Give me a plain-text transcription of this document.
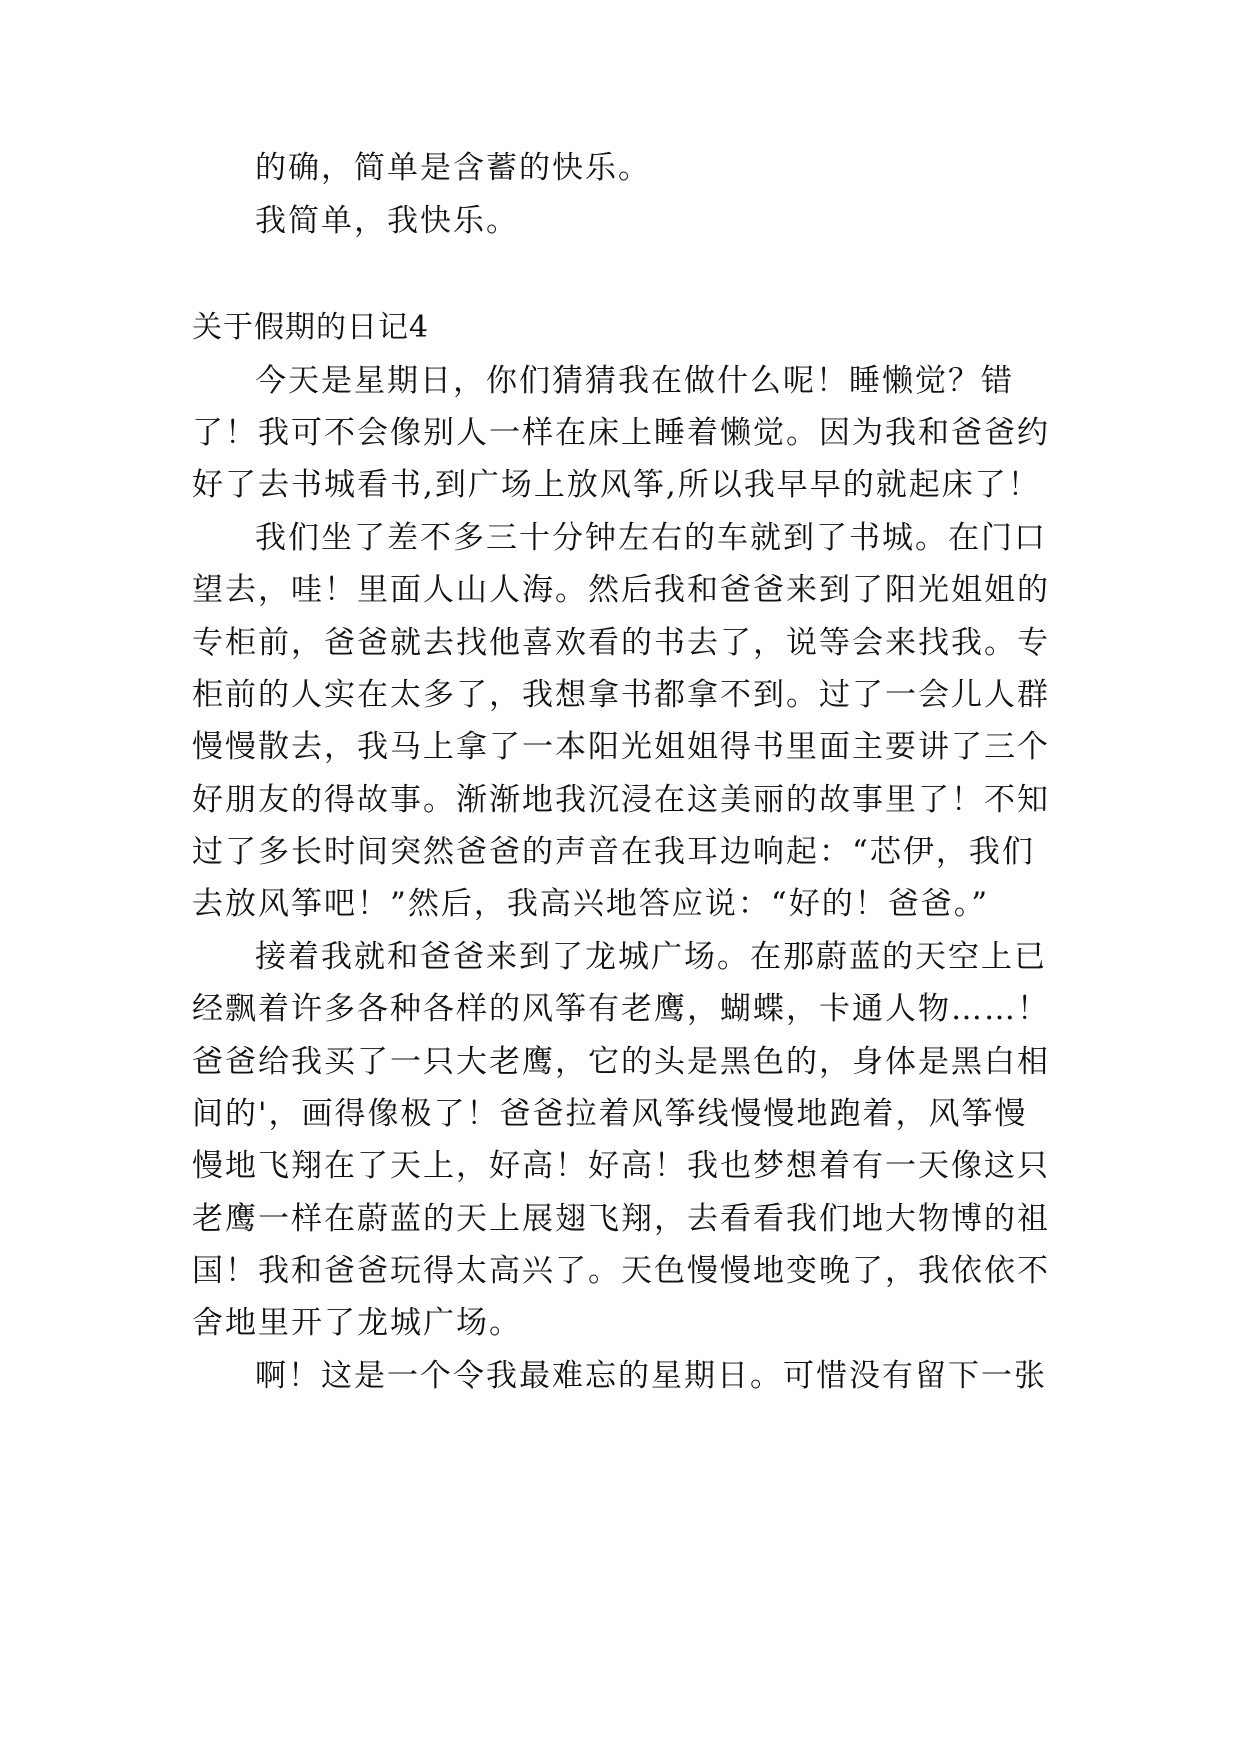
的确，简单是含蓄的快乐。
我简单，我快乐。
关于假期的日记4
今天是星期日，你们猜猜我在做什么呢！睡懒觉？错
了！我可不会像别人一样在床上睡着懒觉。因为我和爸爸约
好了去书城看书,到广场上放风筝,所以我早早的就起床了！
我们坐了差不多三十分钟左右的车就到了书城。在门口
望去，哇！里面人山人海。然后我和爸爸来到了阳光姐姐的
专柜前，爸爸就去找他喜欢看的书去了，说等会来找我。专
柜前的人实在太多了，我想拿书都拿不到。过了一会儿人群
慢慢散去，我马上拿了一本阳光姐姐得书里面主要讲了三个
好朋友的得故事。渐渐地我沉浸在这美丽的故事里了！不知
过了多长时间突然爸爸的声音在我耳边响起：“芯伊，我们
去放风筝吧！”然后，我高兴地答应说：“好的！爸爸。”
接着我就和爸爸来到了龙城广场。在那蔚蓝的天空上已
经飘着许多各种各样的风筝有老鹰，蝴蝶，卡通人物……！
爸爸给我买了一只大老鹰，它的头是黑色的，身体是黑白相
间的'，画得像极了！爸爸拉着风筝线慢慢地跑着，风筝慢
慢地飞翔在了天上，好高！好高！我也梦想着有一天像这只
老鹰一样在蔚蓝的天上展翅飞翔，去看看我们地大物博的祖
国！我和爸爸玩得太高兴了。天色慢慢地变晚了，我依依不
舍地里开了龙城广场。
啊！这是一个令我最难忘的星期日。可惜没有留下一张
